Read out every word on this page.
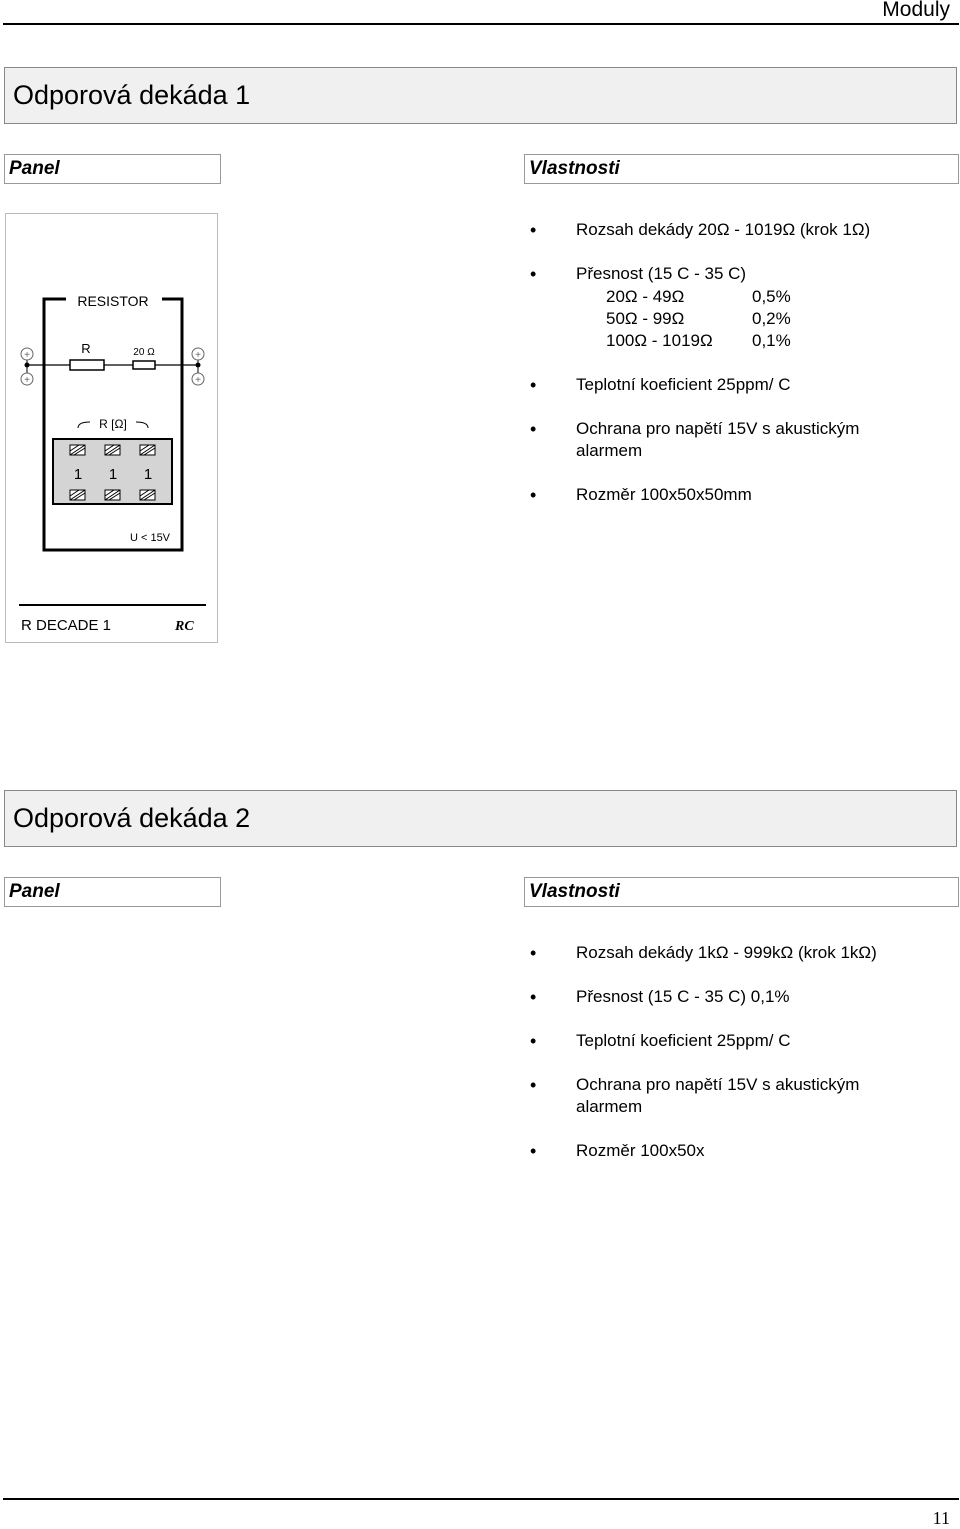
Moduly
Odporová dekáda 1
Panel	Vlastnosti
RESISTOR
R	20 Ω
+
+
+
+
R [Ω]
1 1 1
U < 15V
R DECADE 1	RC
• Rozsah dekády 20Ω - 1019Ω (krok 1Ω)
• Přesnost (15 C - 35 C)
20Ω - 49Ω	0,5%
50Ω - 99Ω	0,2%
100Ω - 1019Ω 0,1%
• Teplotní koeficient 25ppm/ C
• Ochrana pro napětí 15V s akustickým
alarmem
• Rozměr 100x50x50mm
Odporová dekáda 2
Panel	Vlastnosti
• Rozsah dekády 1kΩ - 999kΩ (krok 1kΩ)
• Přesnost (15 C - 35 C) 0,1%
• Teplotní koeficient 25ppm/ C
• Ochrana pro napětí 15V s akustickým
alarmem
• Rozměr 100x50x
11
